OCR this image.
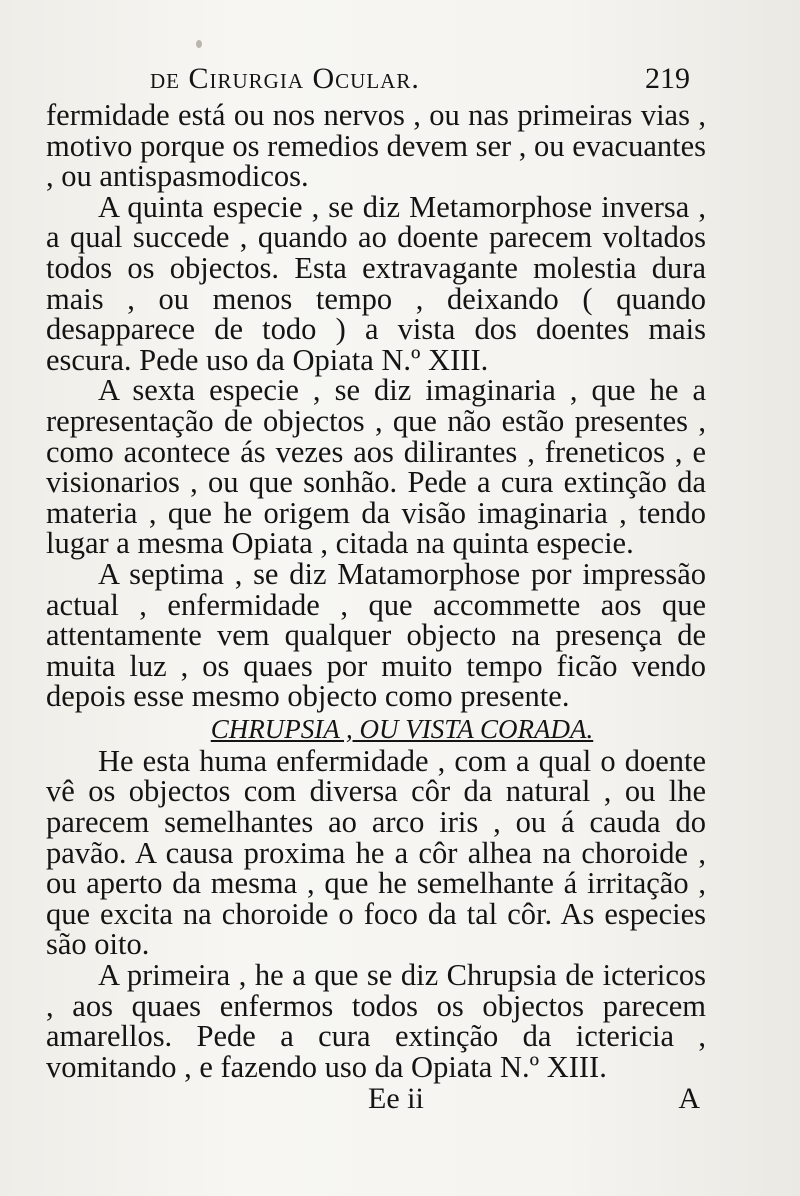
de Cirurgia Ocular.	219

fermidade está ou nos nervos , ou nas primeiras vias , motivo porque os remedios devem ser , ou evacuantes , ou antispasmodicos.

A quinta especie , se diz Metamorphose inversa , a qual succede , quando ao doente parecem voltados todos os objectos. Esta extravagante molestia dura mais , ou menos tempo , deixando ( quando desapparece de todo ) a vista dos doentes mais escura. Pede uso da Opiata N.º XIII.

A sexta especie , se diz imaginaria , que he a representação de objectos , que não estão presentes , como acontece ás vezes aos dilirantes , freneticos , e visionarios , ou que sonhão. Pede a cura extinção da materia , que he origem da visão imaginaria , tendo lugar a mesma Opiata , citada na quinta especie.

A septima , se diz Matamorphose por impressão actual , enfermidade , que accommette aos que attentamente vem qualquer objecto na presença de muita luz , os quaes por muito tempo ficão vendo depois esse mesmo objecto como presente.

CHRUPSIA , OU VISTA CORADA.

He esta huma enfermidade , com a qual o doente vê os objectos com diversa côr da natural , ou lhe parecem semelhantes ao arco iris , ou á cauda do pavão. A causa proxima he a côr alhea na choroide , ou aperto da mesma , que he semelhante á irritação , que excita na choroide o foco da tal côr. As especies são oito.

A primeira , he a que se diz Chrupsia de ictericos , aos quaes enfermos todos os objectos parecem amarellos. Pede a cura extinção da ictericia , vomitando , e fazendo uso da Opiata N.º XIII.

Ee ii	A
